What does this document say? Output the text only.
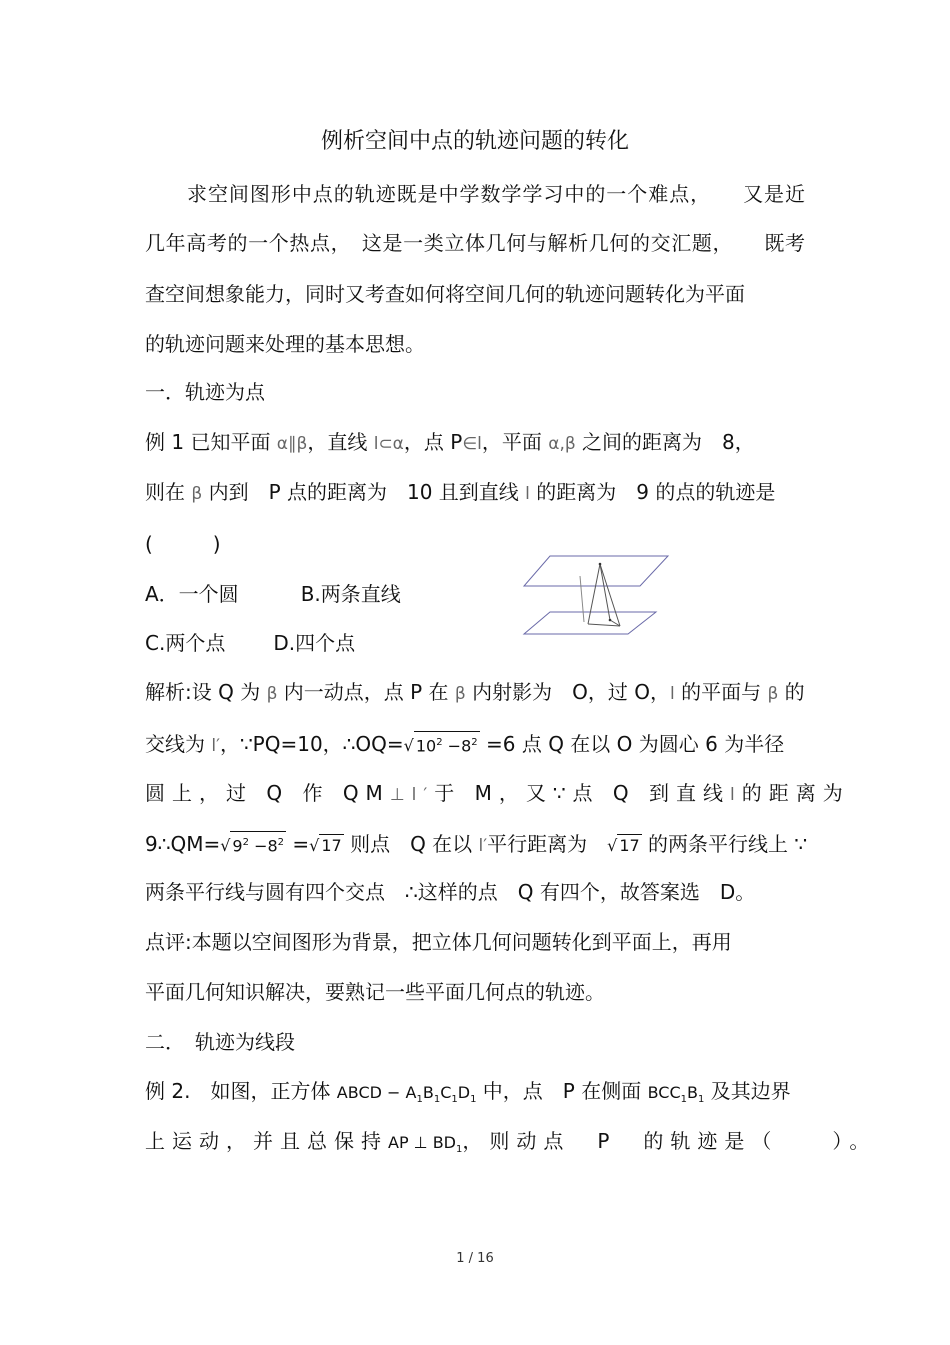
例析空间中点的轨迹问题的转化
求空间图形中点的轨迹既是中学数学学习中的一个难点，　　又是近
几年高考的一个热点，　这是一类立体几何与解析几何的交汇题，　　既考
查空间想象能力，同时又考查如何将空间几何的轨迹问题转化为平面
的轨迹问题来处理的基本思想。
一．轨迹为点
例 1 已知平面 α∥β，直线 l⊂α，点 P∈l，平面 α,β 之间的距离为　8，
则在 β 内到　P 点的距离为　10 且到直线 l 的距离为　9 的点的轨迹是
(　　　)
A．一个圆	B.两条直线
C.两个点 D.四个点
解析:设 Q 为 β 内一动点，点 P 在 β 内射影为　O，过 O，l 的平面与 β 的
交线为 l′，∵PQ=10，∴OQ=√ $10^2 -8^2 =6$ 点 Q 在以 O 为圆心 6 为半径
圆上，过 Q 作 QM⊥l′于 M，又∵点 Q 到直线l的距离为
9∴QM=√ $9^2 -8^2$ =√ 17 则点　Q 在以 l′平行距离为　√ 17 的两条平行线上 ∵
两条平行线与圆有四个交点　∴这样的点　Q 有四个，故答案选　D。
点评:本题以空间图形为背景，把立体几何问题转化到平面上，再用
平面几何知识解决，要熟记一些平面几何点的轨迹。
二．　轨迹为线段
例 2.　如图，正方体 ABCD − $A_1B_1C_1D_1$ 中，点　P 在侧面 $BCC_1B_1$ 及其边界
上运动，并且总保持AP ⊥ $BD_1$，则动点　P　的轨迹是（　　）。
1 / 16
